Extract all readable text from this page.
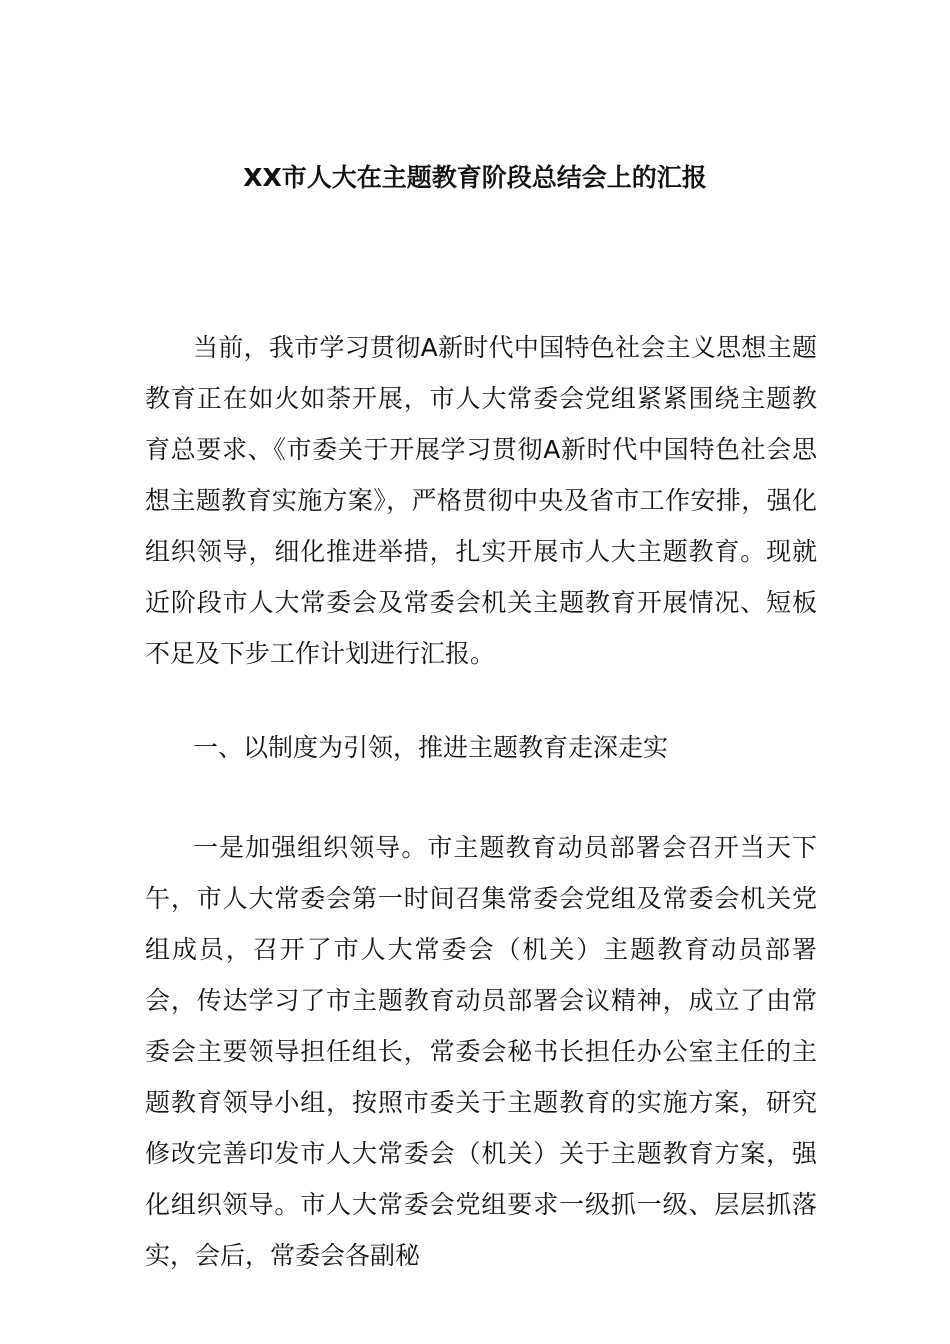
XX市人大在主题教育阶段总结会上的汇报
当前，我市学习贯彻A新时代中国特色社会主义思想主题教育正在如火如荼开展，市人大常委会党组紧紧围绕主题教育总要求、《市委关于开展学习贯彻A新时代中国特色社会思想主题教育实施方案》，严格贯彻中央及省市工作安排，强化组织领导，细化推进举措，扎实开展市人大主题教育。现就近阶段市人大常委会及常委会机关主题教育开展情况、短板不足及下步工作计划进行汇报。
一、以制度为引领，推进主题教育走深走实
一是加强组织领导。市主题教育动员部署会召开当天下午，市人大常委会第一时间召集常委会党组及常委会机关党组成员，召开了市人大常委会（机关）主题教育动员部署会，传达学习了市主题教育动员部署会议精神，成立了由常委会主要领导担任组长，常委会秘书长担任办公室主任的主题教育领导小组，按照市委关于主题教育的实施方案，研究修改完善印发市人大常委会（机关）关于主题教育方案，强化组织领导。市人大常委会党组要求一级抓一级、层层抓落实，会后，常委会各副秘
